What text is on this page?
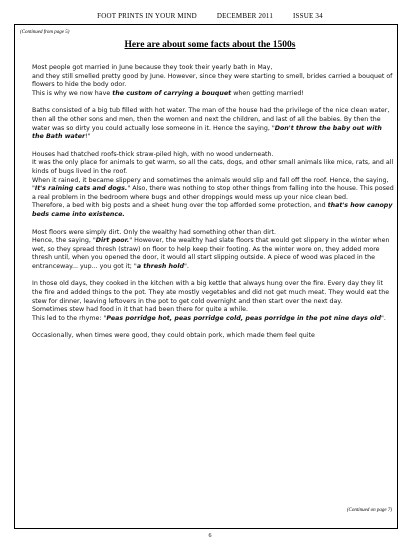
FOOT PRINTS IN YOUR MIND	DECEMBER 2011	ISSUE 34
(Continued from page 5)
Here are about some facts about the 1500s

Most people got married in June because they took their yearly bath in May,
and they still smelled pretty good by June. However, since they were starting to smell, brides carried a bouquet of flowers to hide the body odor.
This is why we now have the custom of carrying a bouquet when getting married!

Baths consisted of a big tub filled with hot water. The man of the house had the privilege of the nice clean water, then all the other sons and men, then the women and next the children, and last of all the babies. By then the water was so dirty you could actually lose someone in it. Hence the saying, "Don't throw the baby out with the Bath water!"

Houses had thatched roofs-thick straw-piled high, with no wood underneath.
It was the only place for animals to get warm, so all the cats, dogs, and other small animals like mice, rats, and all kinds of bugs lived in the roof.
When it rained, it became slippery and sometimes the animals would slip and fall off the roof. Hence, the saying, "It's raining cats and dogs." Also, there was nothing to stop other things from falling into the house. This posed a real problem in the bedroom where bugs and other droppings would mess up your nice clean bed.
Therefore, a bed with big posts and a sheet hung over the top afforded some protection, and that's how canopy beds came into existence.

Most floors were simply dirt. Only the wealthy had something other than dirt.
Hence, the saying, "Dirt poor." However, the wealthy had slate floors that would get slippery in the winter when wet, so they spread thresh (straw) on floor to help keep their footing. As the winter wore on, they added more thresh until, when you opened the door, it would all start slipping outside. A piece of wood was placed in the entranceway... yup... you got it; "a thresh hold".

In those old days, they cooked in the kitchen with a big kettle that always hung over the fire. Every day they lit the fire and added things to the pot. They ate mostly vegetables and did not get much meat. They would eat the stew for dinner, leaving leftovers in the pot to get cold overnight and then start over the next day.
Sometimes stew had food in it that had been there for quite a while.
This led to the rhyme: "Peas porridge hot, peas porridge cold, peas porridge in the pot nine days old".

Occasionally, when times were good, they could obtain pork, which made them feel quite

(Continued on page 7)
6
